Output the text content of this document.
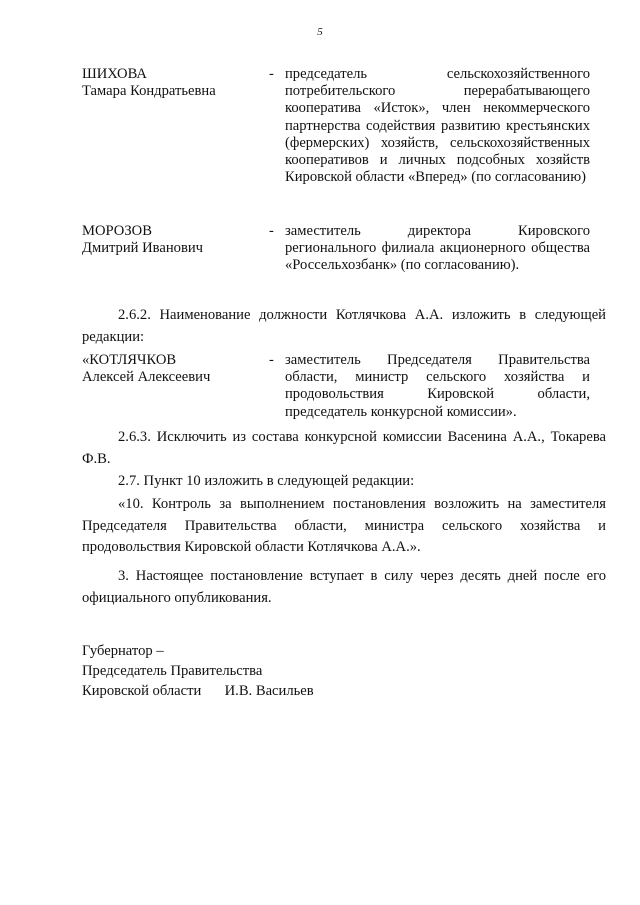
5
ШИХОВА
Тамара Кондратьевна
- председатель сельскохозяйственного потребительского перерабатывающего кооператива «Исток», член некоммерческого партнерства содействия развитию крестьянских (фермерских) хозяйств, сельскохозяйственных кооперативов и личных подсобных хозяйств Кировской области «Вперед» (по согласованию)
МОРОЗОВ
Дмитрий Иванович
- заместитель директора Кировского регионального филиала акционерного общества «Россельхозбанк» (по согласованию).
2.6.2. Наименование должности Котлячкова А.А. изложить в следующей редакции:
«КОТЛЯЧКОВ
Алексей Алексеевич
- заместитель Председателя Правительства области, министр сельского хозяйства и продовольствия Кировской области, председатель конкурсной комиссии».
2.6.3. Исключить из состава конкурсной комиссии Васенина А.А., Токарева Ф.В.
2.7. Пункт 10 изложить в следующей редакции:
«10. Контроль за выполнением постановления возложить на заместителя Председателя Правительства области, министра сельского хозяйства и продовольствия Кировской области Котлячкова А.А.».
3. Настоящее постановление вступает в силу через десять дней после его официального опубликования.
Губернатор –
Председатель Правительства
Кировской области И.В. Васильев
